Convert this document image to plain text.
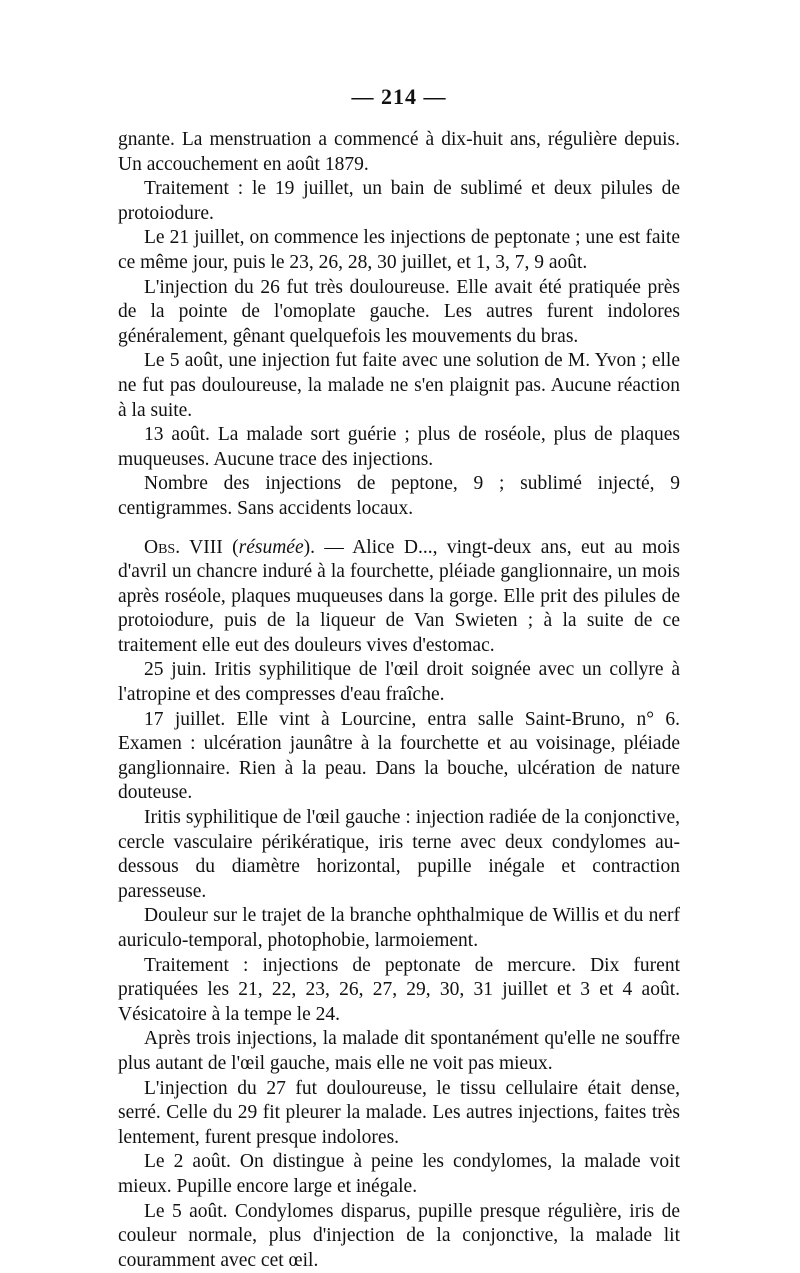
— 214 —

gnante. La menstruation a commencé à dix-huit ans, régulière depuis. Un accouchement en août 1879.

Traitement : le 19 juillet, un bain de sublimé et deux pilules de protoiodure.

Le 21 juillet, on commence les injections de peptonate ; une est faite ce même jour, puis le 23, 26, 28, 30 juillet, et 1, 3, 7, 9 août.

L'injection du 26 fut très douloureuse. Elle avait été pratiquée près de la pointe de l'omoplate gauche. Les autres furent indolores généralement, gênant quelquefois les mouvements du bras.

Le 5 août, une injection fut faite avec une solution de M. Yvon ; elle ne fut pas douloureuse, la malade ne s'en plaignit pas. Aucune réaction à la suite.

13 août. La malade sort guérie ; plus de roséole, plus de plaques muqueuses. Aucune trace des injections.

Nombre des injections de peptone, 9 ; sublimé injecté, 9 centigrammes. Sans accidents locaux.

Obs. VIII (résumée). — Alice D..., vingt-deux ans, eut au mois d'avril un chancre induré à la fourchette, pléiade ganglionnaire, un mois après roséole, plaques muqueuses dans la gorge. Elle prit des pilules de protoiodure, puis de la liqueur de Van Swieten ; à la suite de ce traitement elle eut des douleurs vives d'estomac.

25 juin. Iritis syphilitique de l'œil droit soignée avec un collyre à l'atropine et des compresses d'eau fraîche.

17 juillet. Elle vint à Lourcine, entra salle Saint-Bruno, n° 6. Examen : ulcération jaunâtre à la fourchette et au voisinage, pléiade ganglionnaire. Rien à la peau. Dans la bouche, ulcération de nature douteuse.

Iritis syphilitique de l'œil gauche : injection radiée de la conjonctive, cercle vasculaire périkératique, iris terne avec deux condylomes au-dessous du diamètre horizontal, pupille inégale et contraction paresseuse.

Douleur sur le trajet de la branche ophthalmique de Willis et du nerf auriculo-temporal, photophobie, larmoiement.

Traitement : injections de peptonate de mercure. Dix furent pratiquées les 21, 22, 23, 26, 27, 29, 30, 31 juillet et 3 et 4 août. Vésicatoire à la tempe le 24.

Après trois injections, la malade dit spontanément qu'elle ne souffre plus autant de l'œil gauche, mais elle ne voit pas mieux.

L'injection du 27 fut douloureuse, le tissu cellulaire était dense, serré. Celle du 29 fit pleurer la malade. Les autres injections, faites très lentement, furent presque indolores.

Le 2 août. On distingue à peine les condylomes, la malade voit mieux. Pupille encore large et inégale.

Le 5 août. Condylomes disparus, pupille presque régulière, iris de couleur normale, plus d'injection de la conjonctive, la malade lit couramment avec cet œil.
